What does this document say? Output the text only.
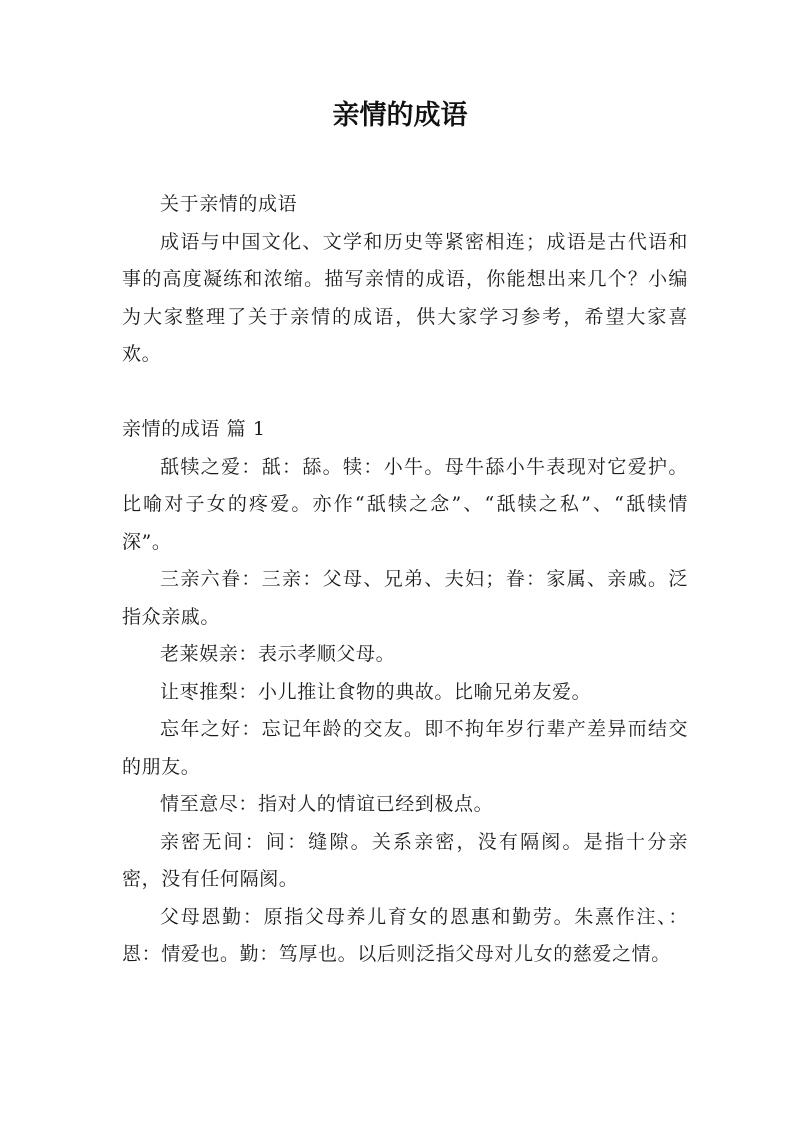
亲情的成语

关于亲情的成语

成语与中国文化、文学和历史等紧密相连；成语是古代语和事的高度凝练和浓缩。描写亲情的成语，你能想出来几个？小编为大家整理了关于亲情的成语，供大家学习参考，希望大家喜欢。

亲情的成语 篇 1

舐犊之爱：舐：舔。犊：小牛。母牛舔小牛表现对它爱护。比喻对子女的疼爱。亦作“舐犊之念”、“舐犊之私”、“舐犊情深”。

三亲六眷：三亲：父母、兄弟、夫妇；眷：家属、亲戚。泛指众亲戚。

老莱娱亲：表示孝顺父母。

让枣推梨：小儿推让食物的典故。比喻兄弟友爱。

忘年之好：忘记年龄的交友。即不拘年岁行辈产差异而结交的朋友。

情至意尽：指对人的情谊已经到极点。

亲密无间：间：缝隙。关系亲密，没有隔阂。是指十分亲密，没有任何隔阂。

父母恩勤：原指父母养儿育女的恩惠和勤劳。朱熹作注、：恩：情爱也。勤：笃厚也。以后则泛指父母对儿女的慈爱之情。
